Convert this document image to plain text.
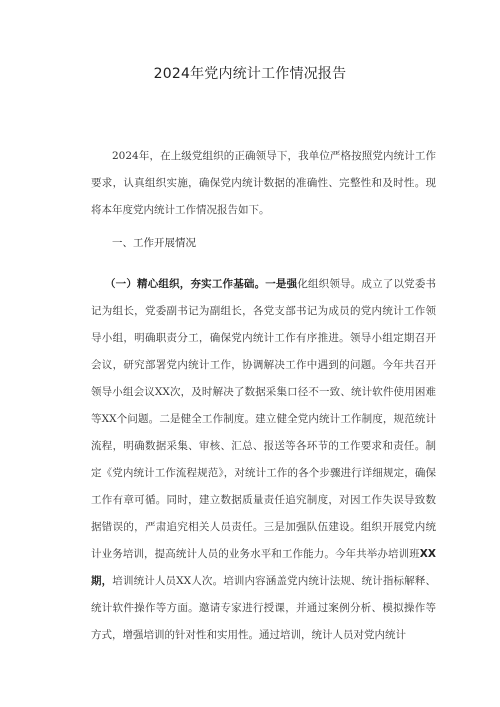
2024年党内统计工作情况报告

2024年，在上级党组织的正确领导下，我单位严格按照党内统计工作要求，认真组织实施，确保党内统计数据的准确性、完整性和及时性。现将本年度党内统计工作情况报告如下。

一、工作开展情况

（一）精心组织，夯实工作基础。一是强化组织领导。成立了以党委书记为组长，党委副书记为副组长，各党支部书记为成员的党内统计工作领导小组，明确职责分工，确保党内统计工作有序推进。领导小组定期召开会议，研究部署党内统计工作，协调解决工作中遇到的问题。今年共召开领导小组会议XX次，及时解决了数据采集口径不一致、统计软件使用困难等XX个问题。二是健全工作制度。建立健全党内统计工作制度，规范统计流程，明确数据采集、审核、汇总、报送等各环节的工作要求和责任。制定《党内统计工作流程规范》，对统计工作的各个步骤进行详细规定，确保工作有章可循。同时，建立数据质量责任追究制度，对因工作失误导致数据错误的，严肃追究相关人员责任。三是加强队伍建设。组织开展党内统计业务培训，提高统计人员的业务水平和工作能力。今年共举办培训班XX期，培训统计人员XX人次。培训内容涵盖党内统计法规、统计指标解释、统计软件操作等方面。邀请专家进行授课，并通过案例分析、模拟操作等方式，增强培训的针对性和实用性。通过培训，统计人员对党内统计
